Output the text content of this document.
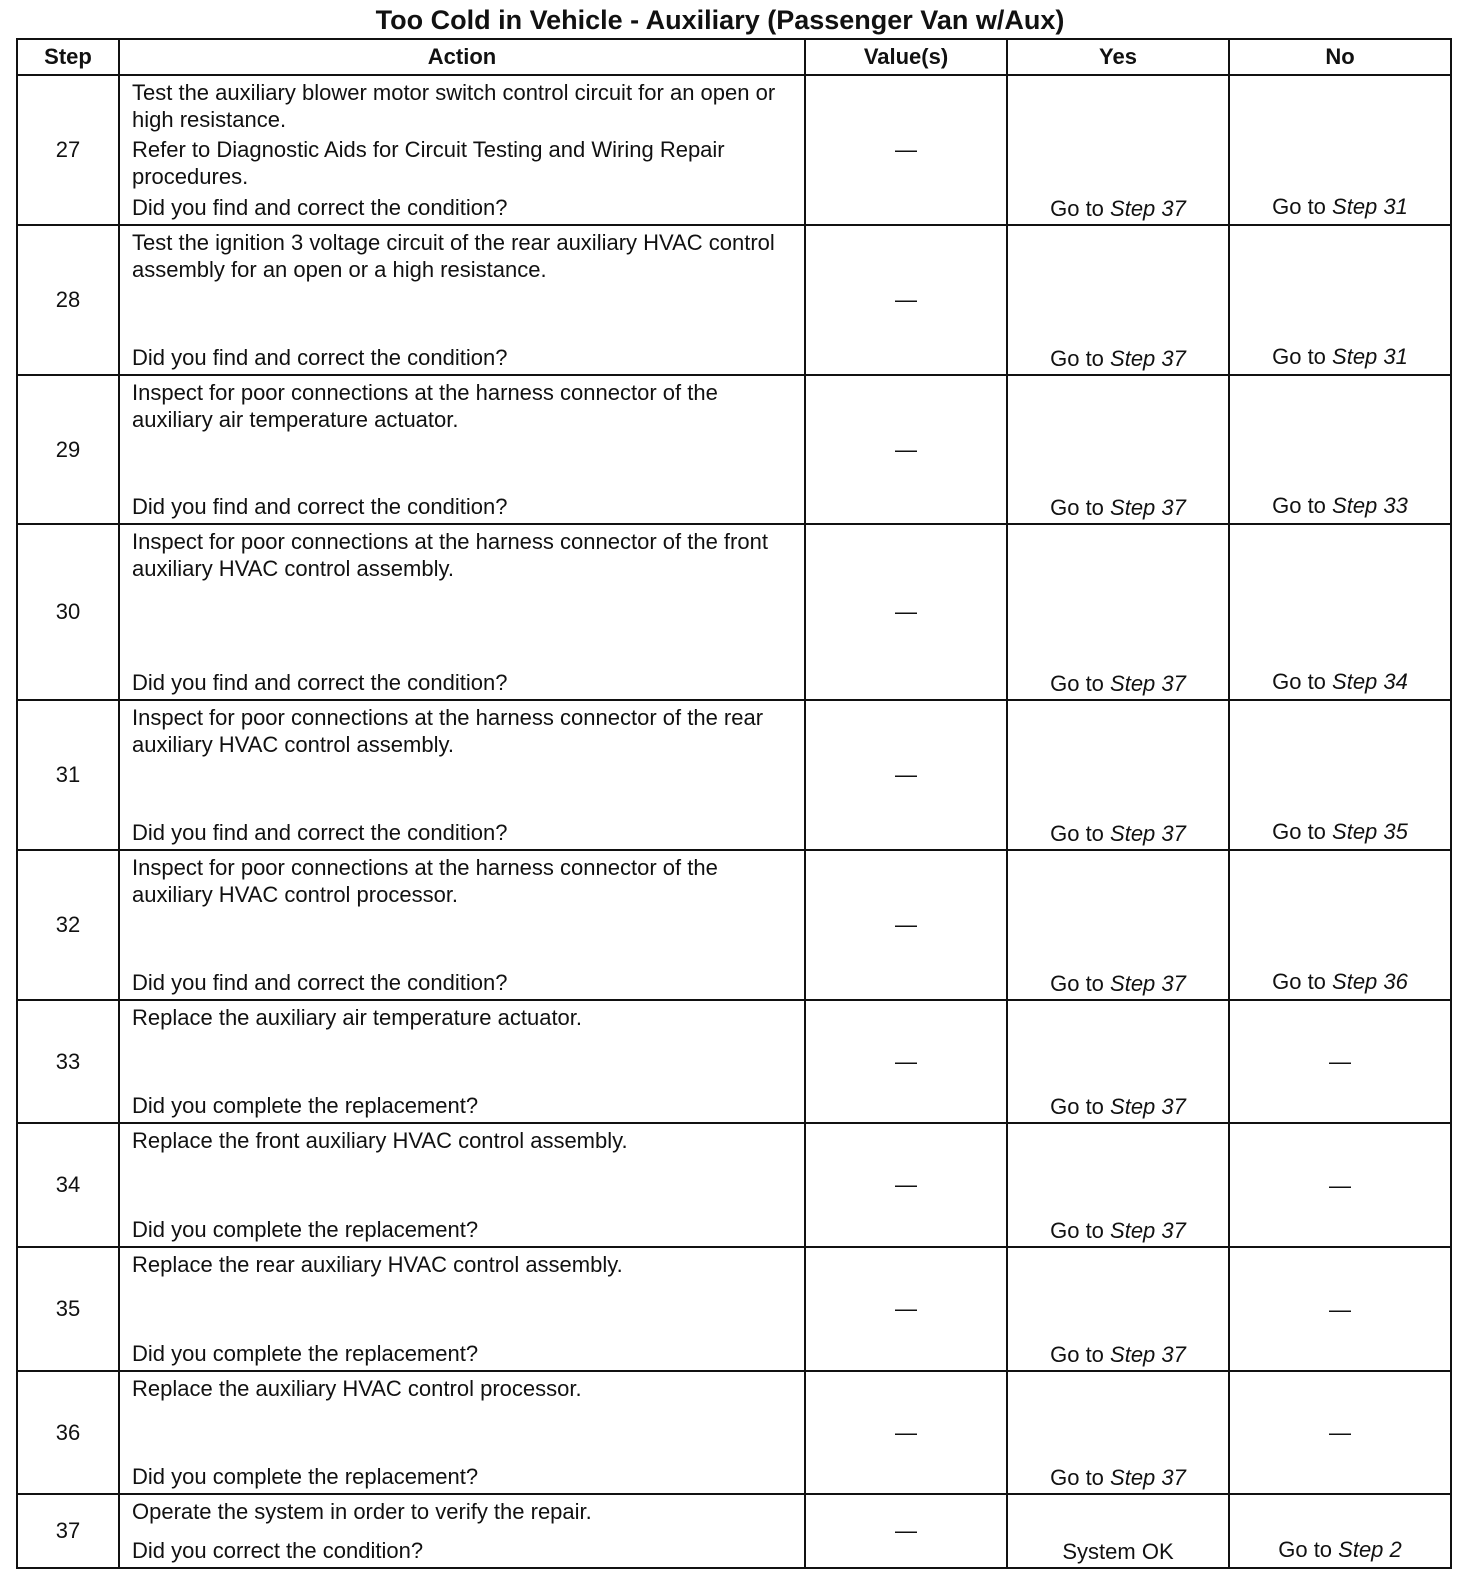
Too Cold in Vehicle - Auxiliary (Passenger Van w/Aux)
Step	Action	Value(s)	Yes	No
27	Test the auxiliary blower motor switch control circuit for an open or high resistance.

Refer to Diagnostic Aids for Circuit Testing and Wiring Repair procedures.

Did you find and correct the condition?	—	Go to Step 37	Go to Step 31
28	Test the ignition 3 voltage circuit of the rear auxiliary HVAC control assembly for an open or a high resistance.

Did you find and correct the condition?	—	Go to Step 37	Go to Step 31
29	Inspect for poor connections at the harness connector of the auxiliary air temperature actuator.

Did you find and correct the condition?	—	Go to Step 37	Go to Step 33
30	Inspect for poor connections at the harness connector of the front auxiliary HVAC control assembly.

Did you find and correct the condition?	—	Go to Step 37	Go to Step 34
31	Inspect for poor connections at the harness connector of the rear auxiliary HVAC control assembly.

Did you find and correct the condition?	—	Go to Step 37	Go to Step 35
32	Inspect for poor connections at the harness connector of the auxiliary HVAC control processor.

Did you find and correct the condition?	—	Go to Step 37	Go to Step 36
33	Replace the auxiliary air temperature actuator.

Did you complete the replacement?	—	Go to Step 37	—
34	Replace the front auxiliary HVAC control assembly.

Did you complete the replacement?	—	Go to Step 37	—
35	Replace the rear auxiliary HVAC control assembly.

Did you complete the replacement?	—	Go to Step 37	—
36	Replace the auxiliary HVAC control processor.

Did you complete the replacement?	—	Go to Step 37	—
37	Operate the system in order to verify the repair.

Did you correct the condition?	—	System OK	Go to Step 2
